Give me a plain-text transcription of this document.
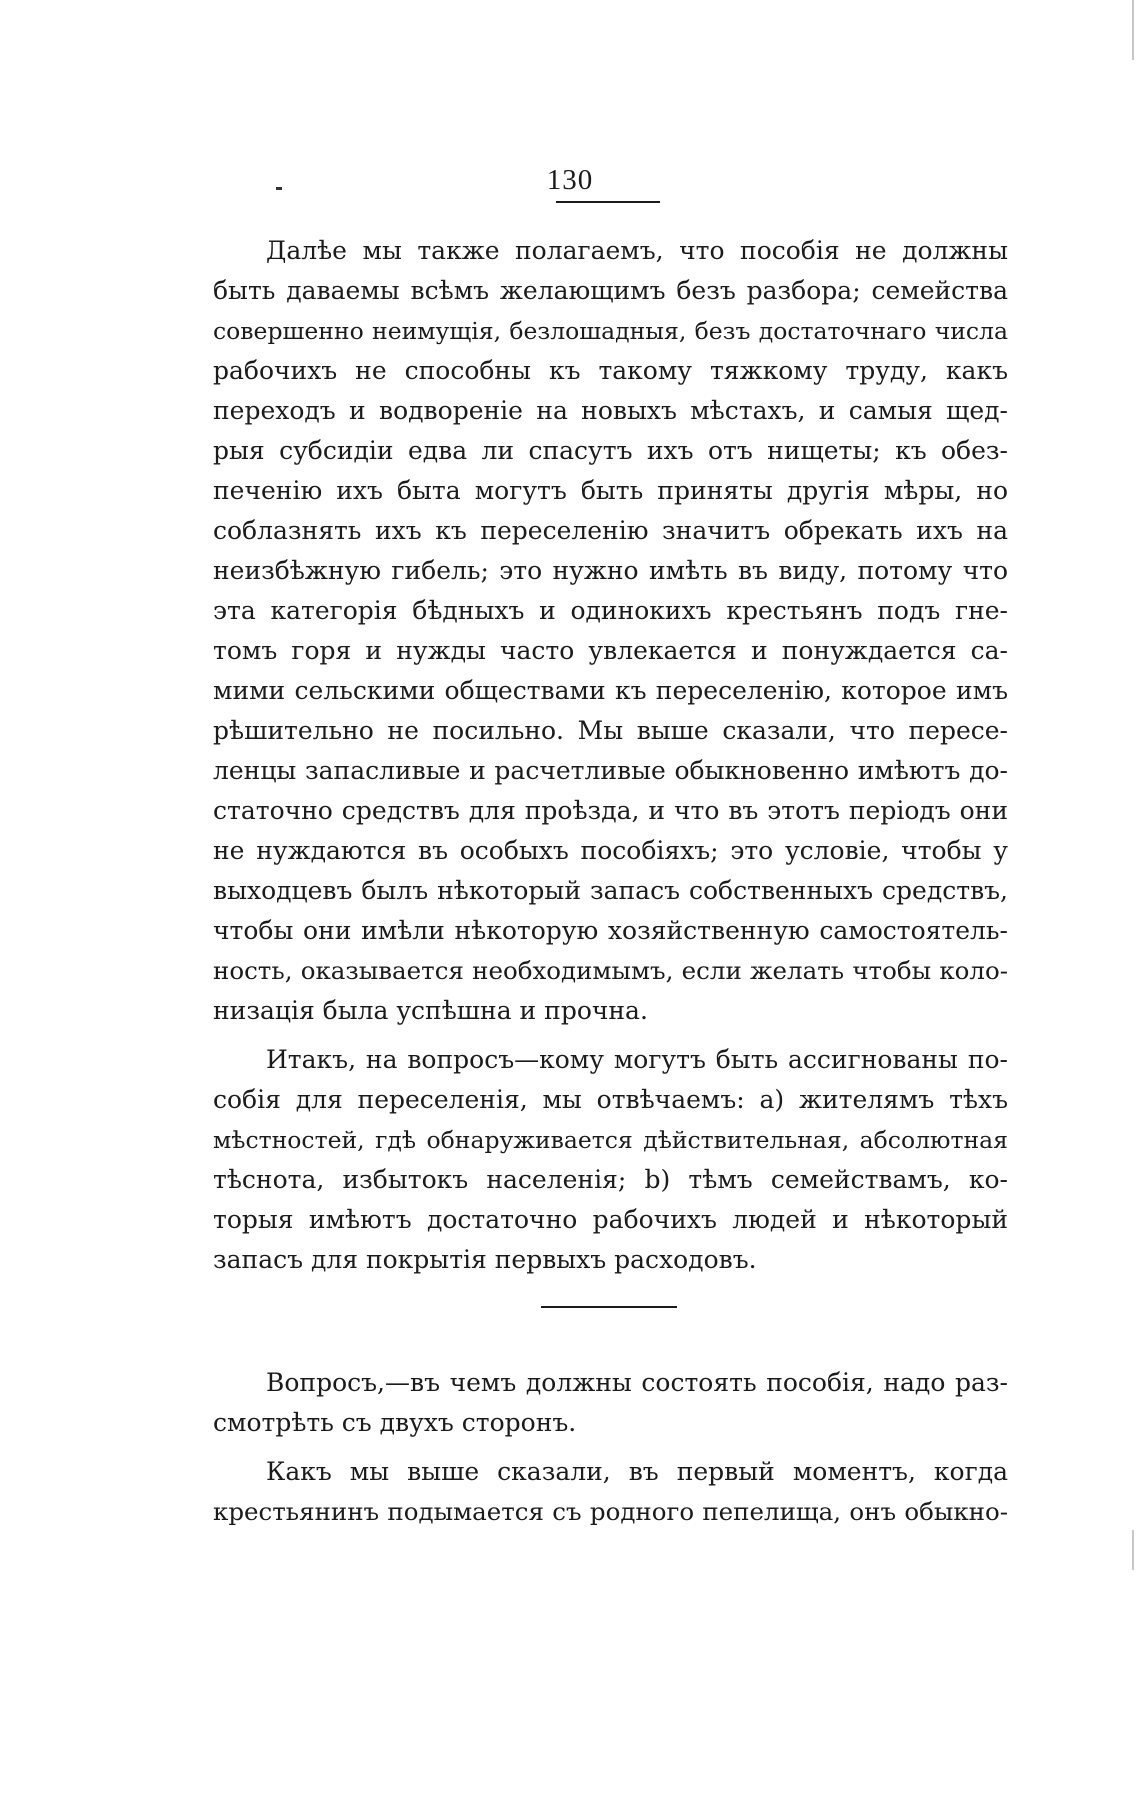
130
Далѣе мы также полагаемъ, что пособія не должны
быть даваемы всѣмъ желающимъ безъ разбора; семейства
совершенно неимущія, безлошадныя, безъ достаточнаго числа
рабочихъ не способны къ такому тяжкому труду, какъ
переходъ и водвореніе на новыхъ мѣстахъ, и самыя щед-
рыя субсидіи едва ли спасутъ ихъ отъ нищеты; къ обез-
печенію ихъ быта могутъ быть приняты другія мѣры, но
соблазнять ихъ къ переселенію значитъ обрекать ихъ на
неизбѣжную гибель; это нужно имѣть въ виду, потому что
эта категорія бѣдныхъ и одинокихъ крестьянъ подъ гне-
томъ горя и нужды часто увлекается и понуждается са-
мими сельскими обществами къ переселенію, которое имъ
рѣшительно не посильно. Мы выше сказали, что пересе-
ленцы запасливые и расчетливые обыкновенно имѣютъ до-
статочно средствъ для проѣзда, и что въ этотъ періодъ они
не нуждаются въ особыхъ пособіяхъ; это условіе, чтобы у
выходцевъ былъ нѣкоторый запасъ собственныхъ средствъ,
чтобы они имѣли нѣкоторую хозяйственную самостоятель-
ность, оказывается необходимымъ, если желать чтобы коло-
низація была успѣшна и прочна.
Итакъ, на вопросъ—кому могутъ быть ассигнованы по-
собія для переселенія, мы отвѣчаемъ: a) жителямъ тѣхъ
мѣстностей, гдѣ обнаруживается дѣйствительная, абсолютная
тѣснота, избытокъ населенія; b) тѣмъ семействамъ, ко-
торыя имѣютъ достаточно рабочихъ людей и нѣкоторый
запасъ для покрытія первыхъ расходовъ.
Вопросъ,—въ чемъ должны состоять пособія, надо раз-
смотрѣть съ двухъ сторонъ.
Какъ мы выше сказали, въ первый моментъ, когда
крестьянинъ подымается съ родного пепелища, онъ обыкно-
